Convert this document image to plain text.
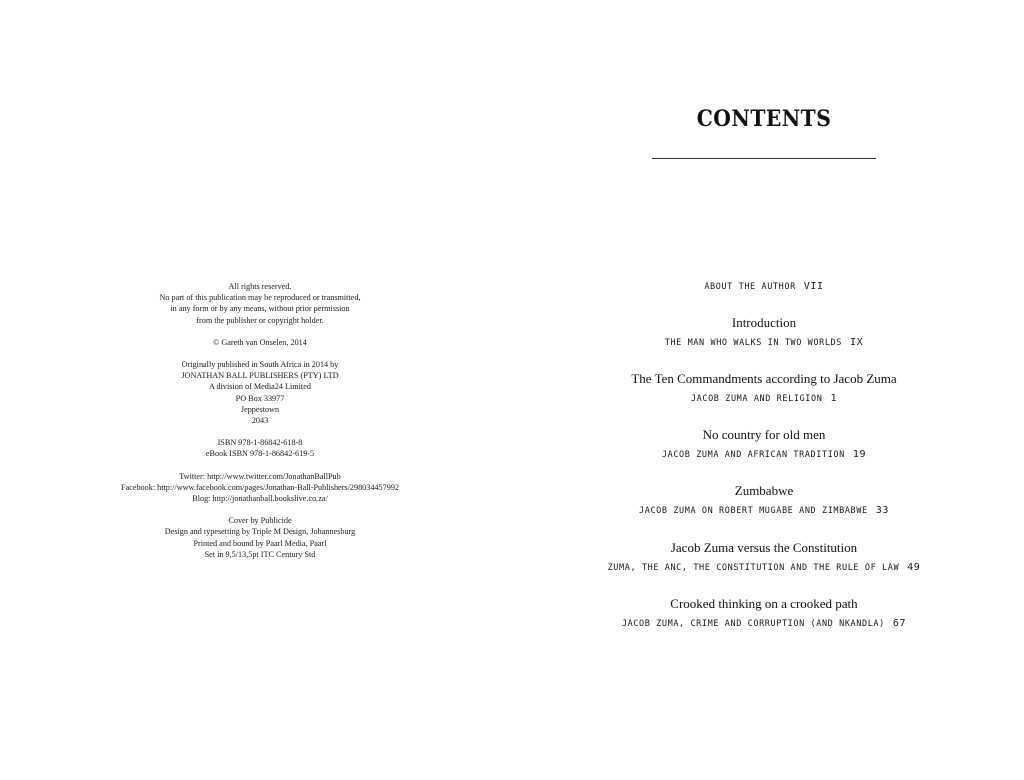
All rights reserved.
No part of this publication may be reproduced or transmitted,
in any form or by any means, without prior permission
from the publisher or copyright holder.
© Gareth van Onselen, 2014
Originally published in South Africa in 2014 by
JONATHAN BALL PUBLISHERS (PTY) LTD
A division of Media24 Limited
PO Box 33977
Jeppestown
2043
ISBN 978-1-86842-618-8
eBook ISBN 978-1-86842-619-5
Twitter: http://www.twitter.com/JonathanBallPub
Facebook: http://www.facebook.com/pages/Jonathan-Ball-Publishers/298034457992
Blog: http://jonathanball.bookslive.co.za/
Cover by Publicide
Design and typesetting by Triple M Design, Johannesburg
Printed and bound by Paarl Media, Paarl
Set in 9,5/13,5pt ITC Century Std
CONTENTS
ABOUT THE AUTHOR VII
Introduction
THE MAN WHO WALKS IN TWO WORLDS IX
The Ten Commandments according to Jacob Zuma
JACOB ZUMA AND RELIGION 1
No country for old men
JACOB ZUMA AND AFRICAN TRADITION 19
Zumbabwe
JACOB ZUMA ON ROBERT MUGABE AND ZIMBABWE 33
Jacob Zuma versus the Constitution
ZUMA, THE ANC, THE CONSTITUTION AND THE RULE OF LAW 49
Crooked thinking on a crooked path
JACOB ZUMA, CRIME AND CORRUPTION (AND NKANDLA) 67
